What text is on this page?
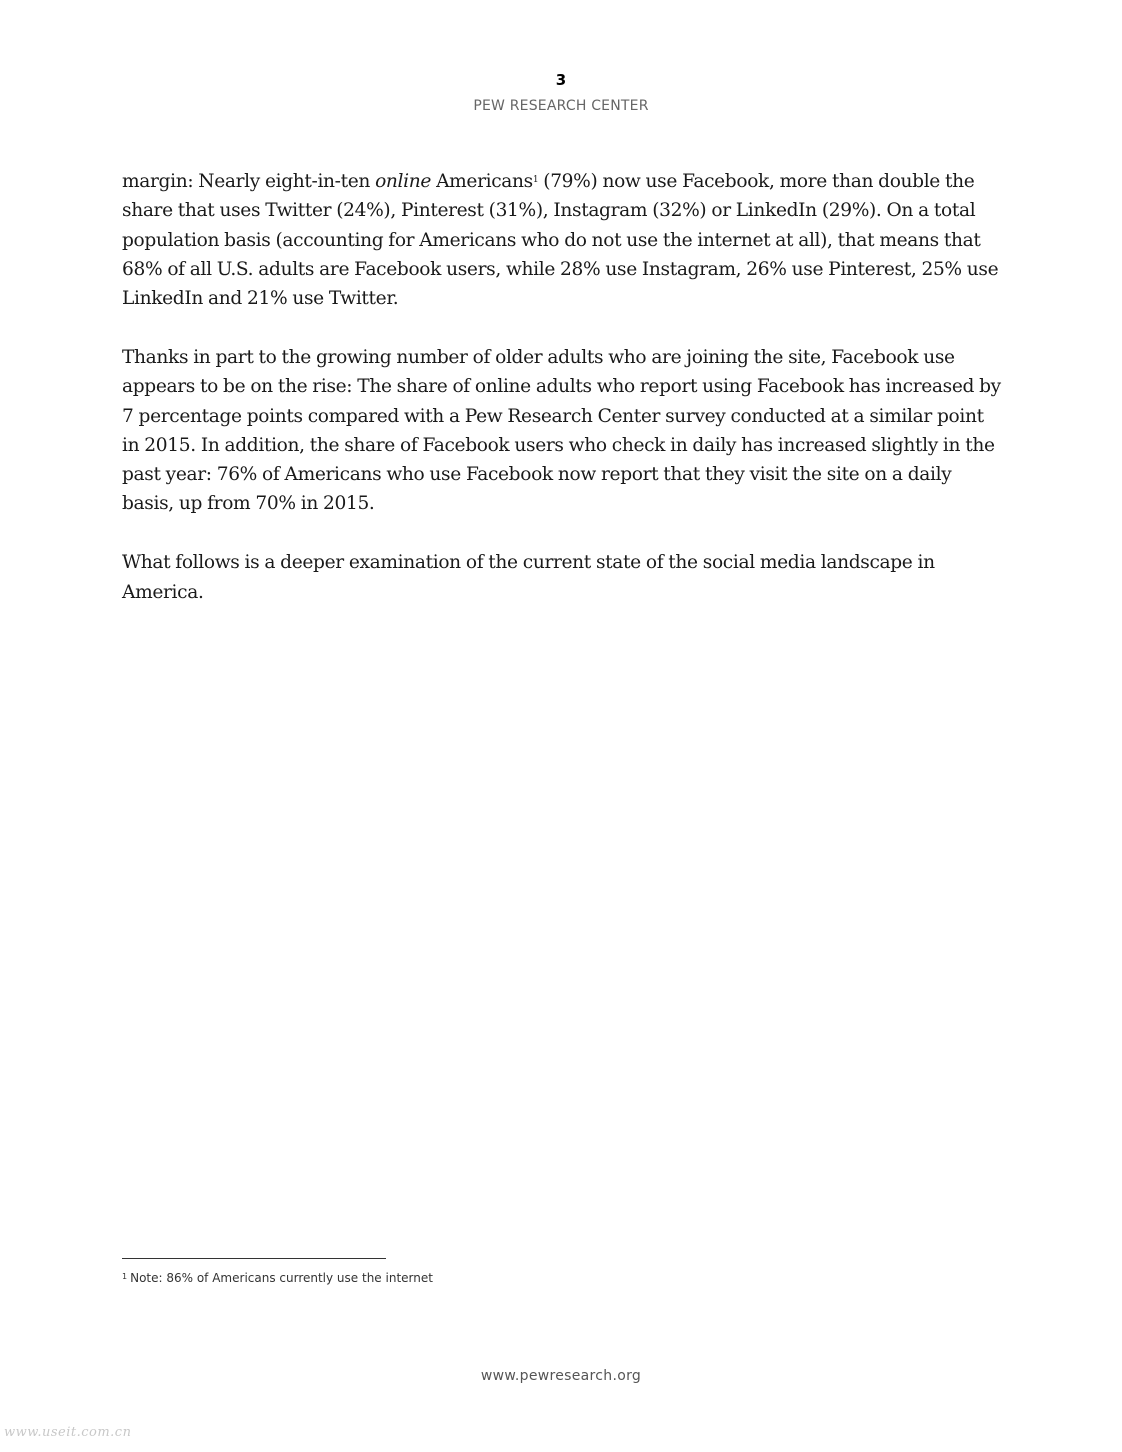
3
PEW RESEARCH CENTER

margin: Nearly eight-in-ten online Americans$^1$ (79%) now use Facebook, more than double the share that uses Twitter (24%), Pinterest (31%), Instagram (32%) or LinkedIn (29%). On a total population basis (accounting for Americans who do not use the internet at all), that means that 68% of all U.S. adults are Facebook users, while 28% use Instagram, 26% use Pinterest, 25% use LinkedIn and 21% use Twitter.

Thanks in part to the growing number of older adults who are joining the site, Facebook use appears to be on the rise: The share of online adults who report using Facebook has increased by 7 percentage points compared with a Pew Research Center survey conducted at a similar point in 2015. In addition, the share of Facebook users who check in daily has increased slightly in the past year: 76% of Americans who use Facebook now report that they visit the site on a daily basis, up from 70% in 2015.

What follows is a deeper examination of the current state of the social media landscape in America.

$^1$ Note: 86% of Americans currently use the internet
www.pewresearch.org
www.useit.com.cn
